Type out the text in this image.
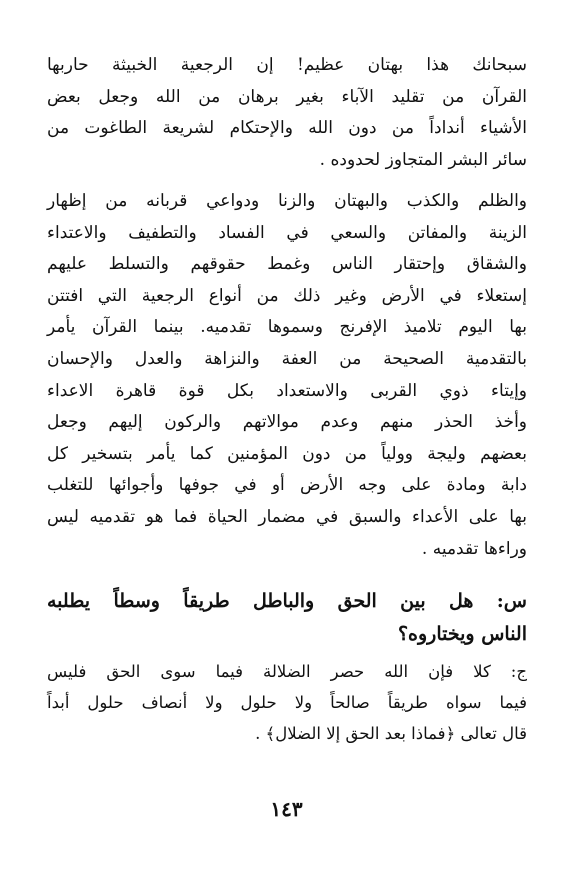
سبحانك هذا بهتان عظيم! إن الرجعية الخبيثة حاربها
القرآن من تقليد الآباء بغير برهان من الله وجعل بعض
الأشياء أنداداً من دون الله والإحتكام لشريعة الطاغوت من
سائر البشر المتجاوز لحدوده .
والظلم والكذب والبهتان والزنا ودواعي قربانه من إظهار
الزينة والمفاتن والسعي في الفساد والتطفيف والاعتداء
والشقاق وإحتقار الناس وغمط حقوقهم والتسلط عليهم
إستعلاء في الأرض وغير ذلك من أنواع الرجعية التي افتتن
بها اليوم تلاميذ الإفرنج وسموها تقدميه. بينما القرآن يأمر
بالتقدمية الصحيحة من العفة والنزاهة والعدل والإحسان
وإيتاء ذوي القربى والاستعداد بكل قوة قاهرة الاعداء
وأخذ الحذر منهم وعدم موالاتهم والركون إليهم وجعل
بعضهم وليجة وولياً من دون المؤمنين كما يأمر بتسخير كل
دابة ومادة على وجه الأرض أو في جوفها وأجوائها للتغلب
بها على الأعداء والسبق في مضمار الحياة فما هو تقدميه ليس
وراءها تقدميه .
س: هل بين الحق والباطل طريقاً وسطاً يطلبه
الناس ويختاروه؟
ج: كلا فإن الله حصر الضلالة فيما سوى الحق فليس
فيما سواه طريقاً صالحاً ولا حلول ولا أنصاف حلول أبداً
قال تعالى ﴿فماذا بعد الحق إلا الضلال﴾ .
١٤٣
